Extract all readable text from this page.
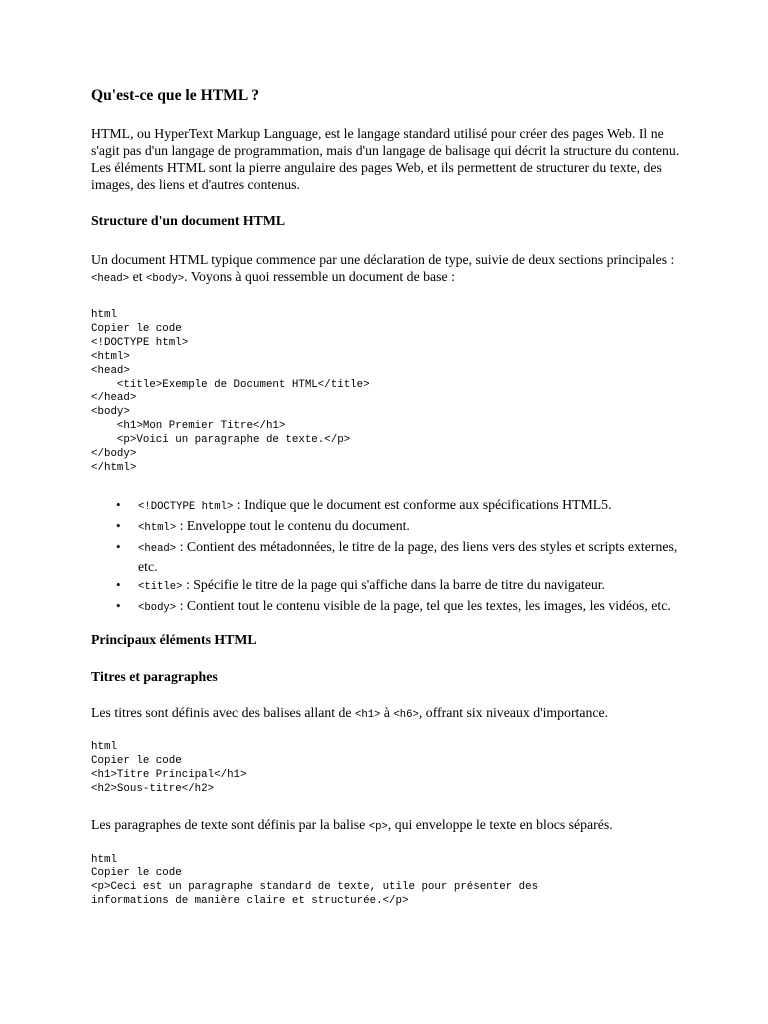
Qu'est-ce que le HTML ?

HTML, ou HyperText Markup Language, est le langage standard utilisé pour créer des pages Web. Il ne s'agit pas d'un langage de programmation, mais d'un langage de balisage qui décrit la structure du contenu. Les éléments HTML sont la pierre angulaire des pages Web, et ils permettent de structurer du texte, des images, des liens et d'autres contenus.

Structure d'un document HTML

Un document HTML typique commence par une déclaration de type, suivie de deux sections principales : <head> et <body>. Voyons à quoi ressemble un document de base :

html
Copier le code
<!DOCTYPE html>
<html>
<head>
<title>Exemple de Document HTML</title>
</head>
<body>
<h1>Mon Premier Titre</h1>
<p>Voici un paragraphe de texte.</p>
</body>
</html>
• <!DOCTYPE html> : Indique que le document est conforme aux spécifications HTML5.
• <html> : Enveloppe tout le contenu du document.
• <head> : Contient des métadonnées, le titre de la page, des liens vers des styles et scripts externes, etc.
• <title> : Spécifie le titre de la page qui s'affiche dans la barre de titre du navigateur.
• <body> : Contient tout le contenu visible de la page, tel que les textes, les images, les vidéos, etc.
Principaux éléments HTML
Titres et paragraphes

Les titres sont définis avec des balises allant de <h1> à <h6>, offrant six niveaux d'importance.

html
Copier le code
<h1>Titre Principal</h1>
<h2>Sous-titre</h2>

Les paragraphes de texte sont définis par la balise <p>, qui enveloppe le texte en blocs séparés.

html
Copier le code
<p>Ceci est un paragraphe standard de texte, utile pour présenter des
informations de manière claire et structurée.</p>
